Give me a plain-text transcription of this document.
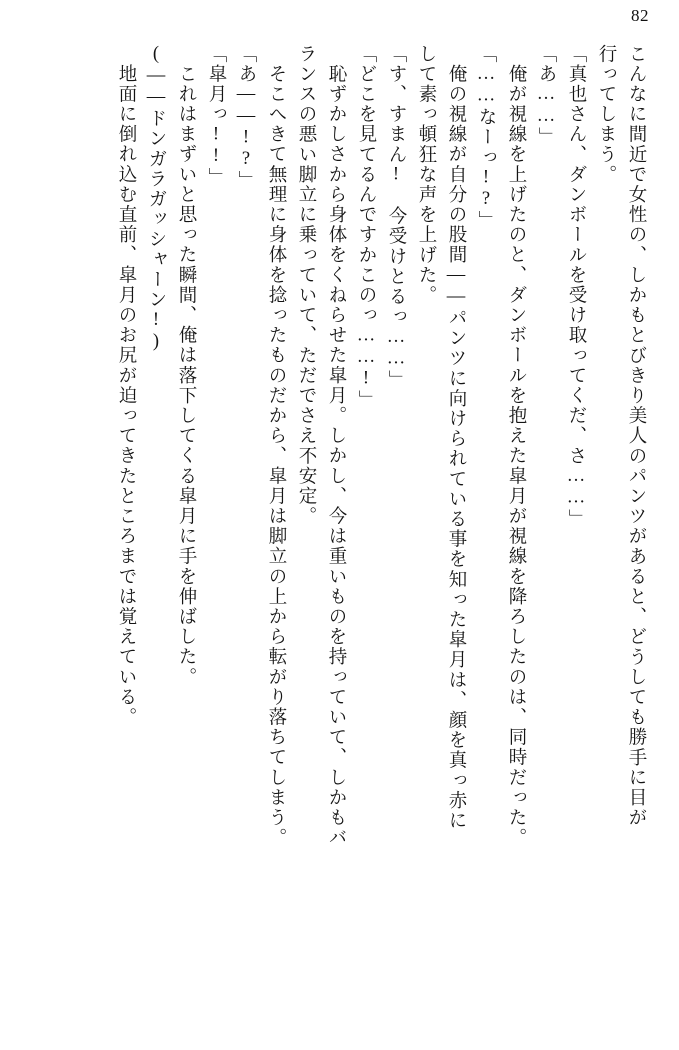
82
こんなに間近で女性の、しかもとびきり美人のパンツがあると、どうしても勝手に目が
行ってしまう。
「真也さん、ダンボールを受け取ってくだ、さ……」
「あ……」
俺が視線を上げたのと、ダンボールを抱えた皐月が視線を降ろしたのは、同時だった。
「……なーっ!?」
俺の視線が自分の股間——パンツに向けられている事を知った皐月は、顔を真っ赤に
して素っ頓狂な声を上げた。
「す、すまん!　今受けとるっ……」
「どこを見てるんですかこのっ……!」
恥ずかしさから身体をくねらせた皐月。しかし、今は重いものを持っていて、しかもバ
ランスの悪い脚立に乗っていて、ただでさえ不安定。
そこへきて無理に身体を捻ったものだから、皐月は脚立の上から転がり落ちてしまう。
「あ——!?」
「皐月っ!!」
これはまずいと思った瞬間、俺は落下してくる皐月に手を伸ばした。
(——ドンガラガッシャーン!)
地面に倒れ込む直前、皐月のお尻が迫ってきたところまでは覚えている。
